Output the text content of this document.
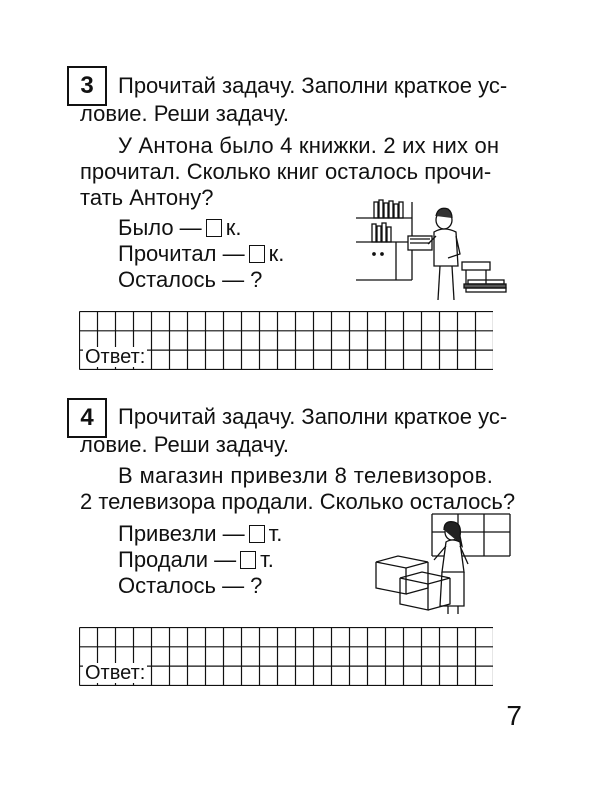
3 Прочитай задачу. Заполни краткое ус-
ловие. Реши задачу.
У Антона было 4 книжки. 2 их них он
прочитал. Сколько книг осталось прочи-
тать Антону?
Было — к.
Прочитал — к.
Осталось — ?
Ответ:
4 Прочитай задачу. Заполни краткое ус-
ловие. Реши задачу.
В магазин привезли 8 телевизоров.
2 телевизора продали. Сколько осталось?
Привезли — т.
Продали — т.
Осталось — ?
Ответ:
7
